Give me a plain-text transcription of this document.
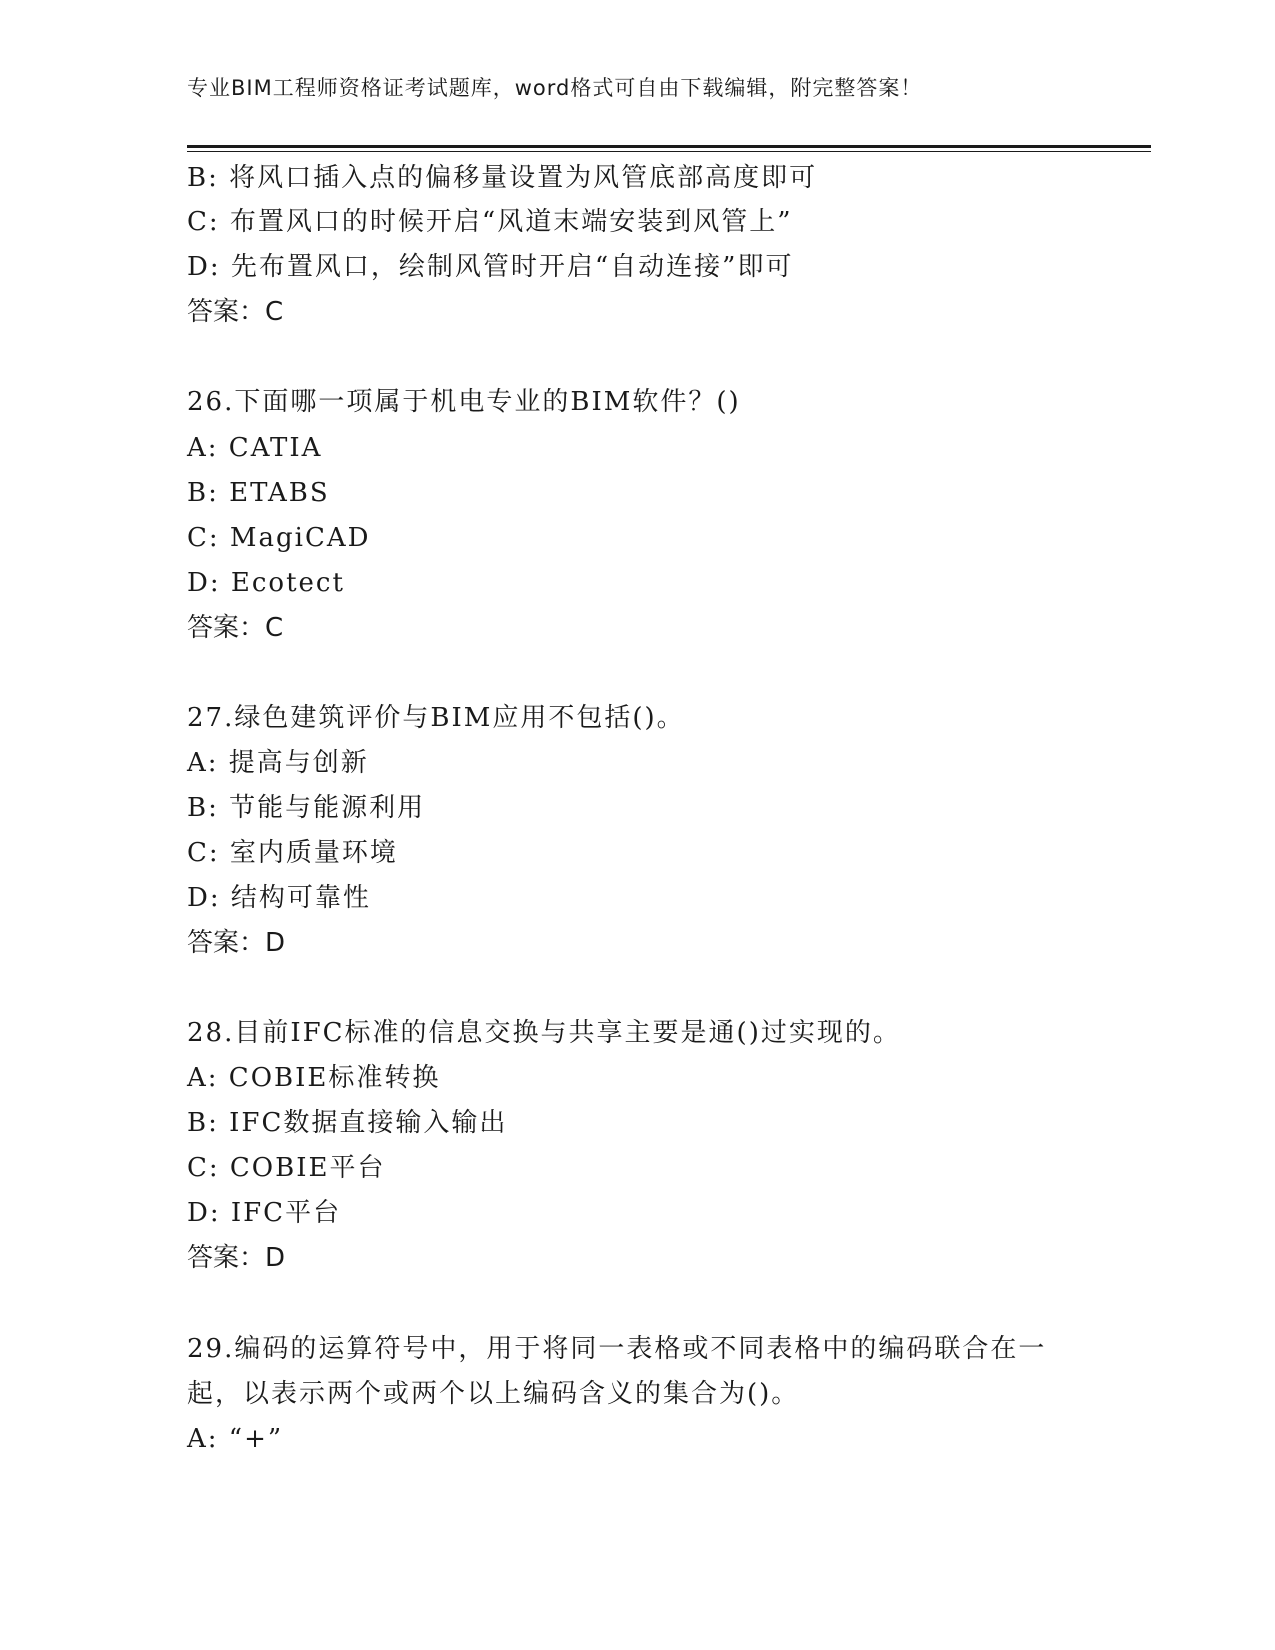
专业BIM工程师资格证考试题库，word格式可自由下载编辑，附完整答案！
B: 将风口插入点的偏移量设置为风管底部高度即可
C: 布置风口的时候开启“风道末端安装到风管上”
D: 先布置风口，绘制风管时开启“自动连接”即可
答案：C
26.下面哪一项属于机电专业的BIM软件？()
A: CATIA
B: ETABS
C: MagiCAD
D: Ecotect
答案：C
27.绿色建筑评价与BIM应用不包括()。
A: 提高与创新
B: 节能与能源利用
C: 室内质量环境
D: 结构可靠性
答案：D
28.目前IFC标准的信息交换与共享主要是通()过实现的。
A: COBIE标准转换
B: IFC数据直接输入输出
C: COBIE平台
D: IFC平台
答案：D
29.编码的运算符号中，用于将同一表格或不同表格中的编码联合在一
起，以表示两个或两个以上编码含义的集合为()。
A: “+”
